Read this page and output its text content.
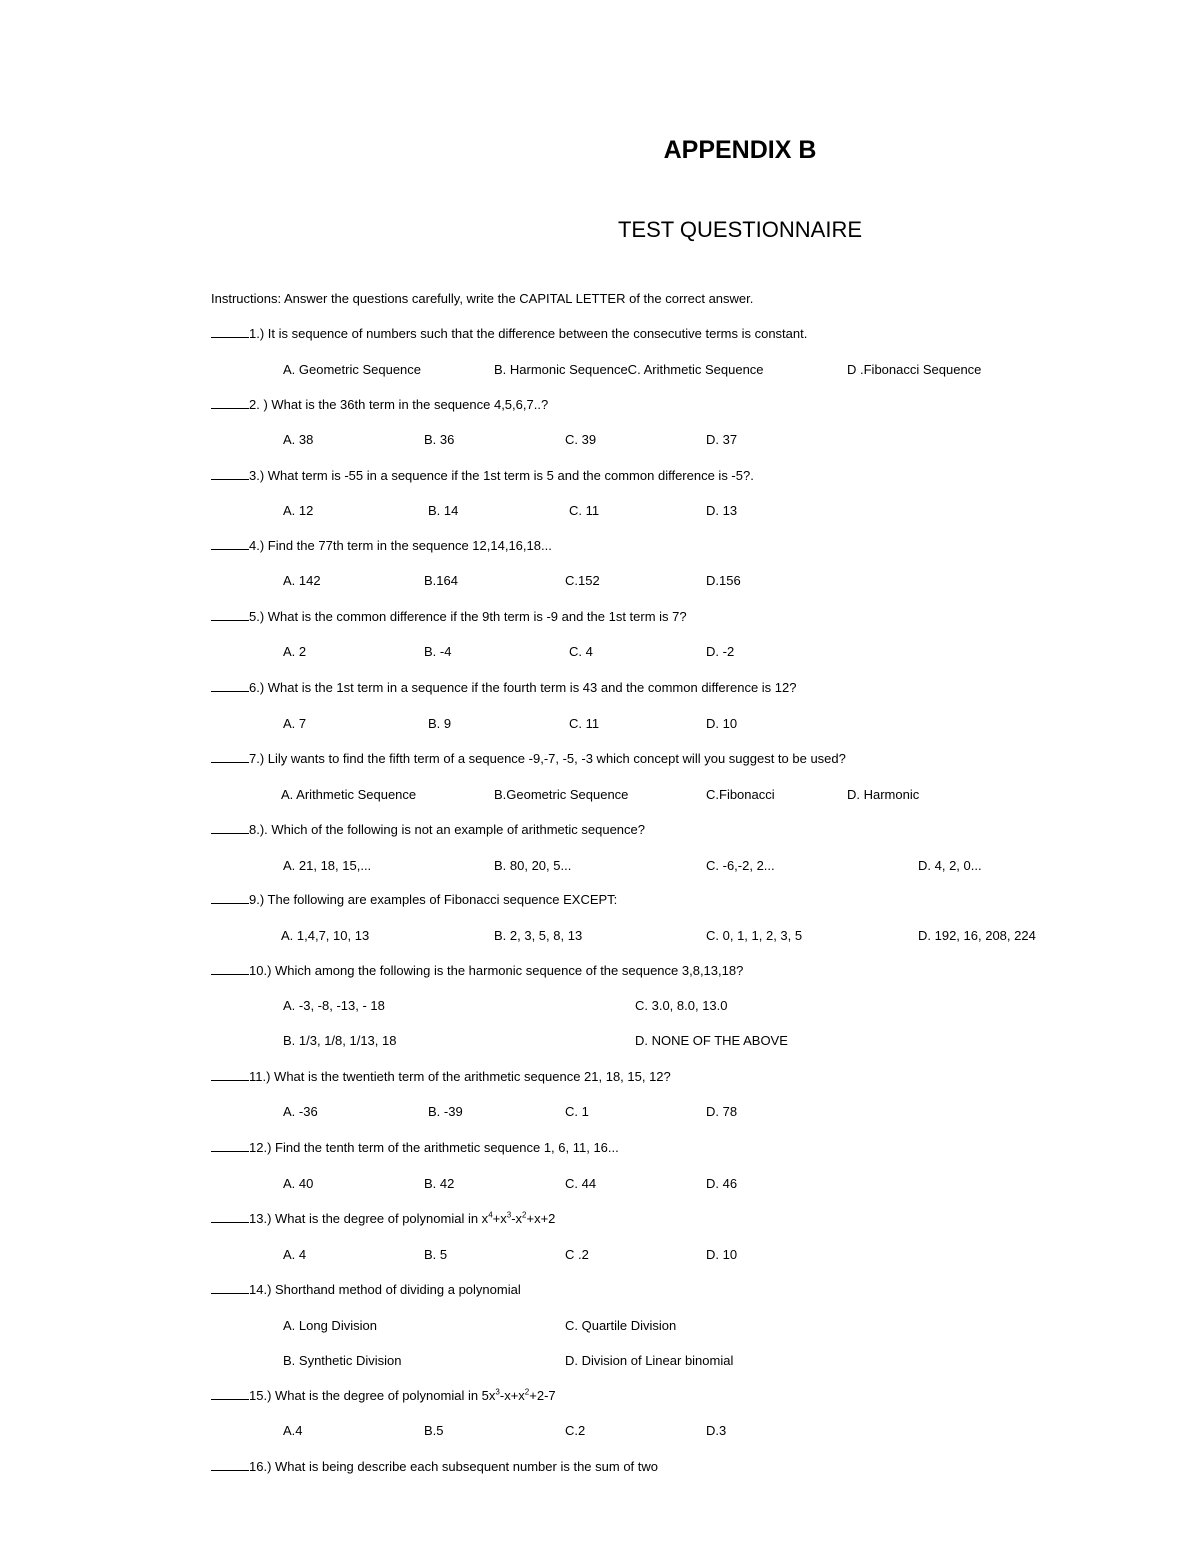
APPENDIX B
TEST QUESTIONNAIRE
Instructions: Answer the questions carefully, write the CAPITAL LETTER of the correct answer.
1.) It is sequence of numbers such that the difference between the consecutive terms is constant.
A. Geometric Sequence	B. Harmonic SequenceC. Arithmetic Sequence	D .Fibonacci Sequence
2. ) What is the 36th term in the sequence 4,5,6,7..?
A. 38	B. 36	C. 39	D. 37
3.) What term is -55 in a sequence if the 1st term is 5 and the common difference is -5?.
A. 12	B. 14	C. 11	D. 13
4.) Find the 77th term in the sequence 12,14,16,18...
A. 142	B.164	C.152	D.156
5.) What is the common difference if the 9th term is -9 and the 1st term is 7?
A. 2	B. -4	C. 4	D. -2
6.) What is the 1st term in a sequence if the fourth term is 43 and the common difference is 12?
A. 7	B. 9	C. 11	D. 10
7.) Lily wants to find the fifth term of a sequence -9,-7, -5, -3 which concept will you suggest to be used?
A. Arithmetic Sequence	B.Geometric Sequence	C.Fibonacci	D. Harmonic
8.). Which of the following is not an example of arithmetic sequence?
A. 21, 18, 15,...	B. 80, 20, 5...	C. -6,-2, 2...	D. 4, 2, 0...
9.) The following are examples of Fibonacci sequence EXCEPT:
A. 1,4,7, 10, 13	B. 2, 3, 5, 8, 13	C. 0, 1, 1, 2, 3, 5	D. 192, 16, 208, 224
10.) Which among the following is the harmonic sequence of the sequence 3,8,13,18?
A. -3, -8, -13, - 18	C. 3.0, 8.0, 13.0
B. 1/3, 1/8, 1/13, 18	D. NONE OF THE ABOVE
11.) What is the twentieth term of the arithmetic sequence 21, 18, 15, 12?
A. -36	B. -39	C. 1	D. 78
12.) Find the tenth term of the arithmetic sequence 1, 6, 11, 16...
A. 40	B. 42	C. 44	D. 46
13.) What is the degree of polynomial in $x^4+x^3-x^2+x+2$
A. 4	B. 5	C .2	D. 10
14.) Shorthand method of dividing a polynomial
A. Long Division	C. Quartile Division
B. Synthetic Division	D. Division of Linear binomial
15.) What is the degree of polynomial in $5x^3-x+x^2+2-7$
A.4	B.5	C.2	D.3
16.) What is being describe each subsequent number is the sum of two
